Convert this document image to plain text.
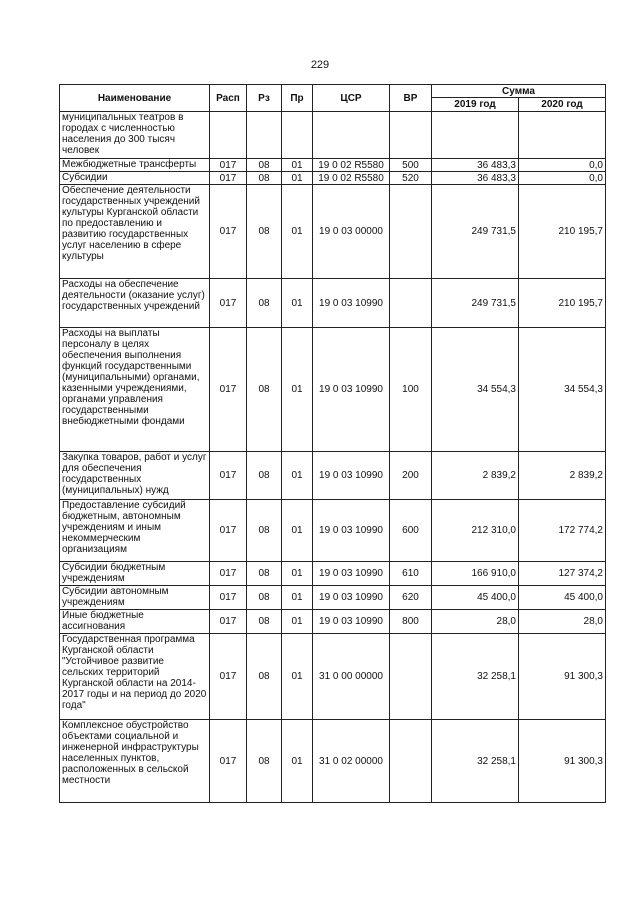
229
Наименование	Расп	Рз	Пр	ЦСР	ВР	Сумма	
						2019 год	2020 год
муниципальных театров в городах с численностью населения до 300 тысяч человек							
Межбюджетные трансферты	017	08	01	19 0 02 R5580	500	36 483,3	0,0
Субсидии	017	08	01	19 0 02 R5580	520	36 483,3	0,0
Обеспечение деятельности государственных учреждений культуры Курганской области по предоставлению и развитию государственных услуг населению в сфере культуры	017	08	01	19 0 03 00000		249 731,5	210 195,7
Расходы на обеспечение деятельности (оказание услуг) государственных учреждений	017	08	01	19 0 03 10990		249 731,5	210 195,7
Расходы на выплаты персоналу в целях обеспечения выполнения функций государственными (муниципальными) органами, казенными учреждениями, органами управления государственными внебюджетными фондами	017	08	01	19 0 03 10990	100	34 554,3	34 554,3
Закупка товаров, работ и услуг для обеспечения государственных (муниципальных) нужд	017	08	01	19 0 03 10990	200	2 839,2	2 839,2
Предоставление субсидий бюджетным, автономным учреждениям и иным некоммерческим организациям	017	08	01	19 0 03 10990	600	212 310,0	172 774,2
Субсидии бюджетным учреждениям	017	08	01	19 0 03 10990	610	166 910,0	127 374,2
Субсидии автономным учреждениям	017	08	01	19 0 03 10990	620	45 400,0	45 400,0
Иные бюджетные ассигнования	017	08	01	19 0 03 10990	800	28,0	28,0
Государственная программа Курганской области "Устойчивое развитие сельских территорий Курганской области на 2014-2017 годы и на период до 2020 года"	017	08	01	31 0 00 00000		32 258,1	91 300,3
Комплексное обустройство объектами социальной и инженерной инфраструктуры населенных пунктов, расположенных в сельской местности	017	08	01	31 0 02 00000		32 258,1	91 300,3
